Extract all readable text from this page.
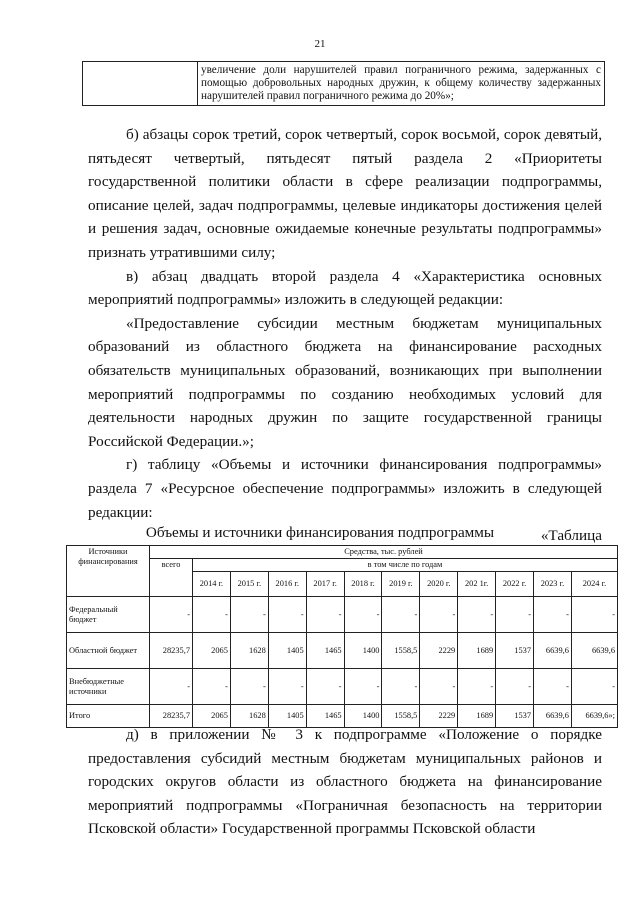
21
	увеличение доли нарушителей правил пограничного режима, задержанных с помощью добровольных народных дружин, к общему количеству задержанных нарушителей правил пограничного режима до 20%»;

б) абзацы сорок третий, сорок четвертый, сорок восьмой, сорок девятый, пятьдесят четвертый, пятьдесят пятый раздела 2 «Приоритеты государственной политики области в сфере реализации подпрограммы, описание целей, задач подпрограммы, целевые индикаторы достижения целей и решения задач, основные ожидаемые конечные результаты подпрограммы» признать утратившими силу;

в) абзац двадцать второй раздела 4 «Характеристика основных мероприятий подпрограммы» изложить в следующей редакции:

«Предоставление субсидии местным бюджетам муниципальных образований из областного бюджета на финансирование расходных обязательств муниципальных образований, возникающих при выполнении мероприятий подпрограммы по созданию необходимых условий для деятельности народных дружин по защите государственной границы Российской Федерации.»;

г) таблицу «Объемы и источники финансирования подпрограммы» раздела 7 «Ресурсное обеспечение подпрограммы» изложить в следующей редакции:

«Таблица

Объемы и источники финансирования подпрограммы
Источники финансирования	Средства, тыс. рублей											
	всего	в том числе по годам										
		2014 г.	2015 г.	2016 г.	2017 г.	2018 г.	2019 г.	2020 г.	202 1г.	2022 г.	2023 г.	2024 г.
Федеральный бюджет	-	-	-	-	-	-	-	-	-	-	-	-
Областной бюджет	28235,7	2065	1628	1405	1465	1400	1558,5	2229	1689	1537	6639,6	6639,6
Внебюджетные источники	-	-	-	-	-	-	-	-	-	-	-	-
Итого	28235,7	2065	1628	1405	1465	1400	1558,5	2229	1689	1537	6639,6	6639,6»;

д) в приложении № 3 к подпрограмме «Положение о порядке предоставления субсидий местным бюджетам муниципальных районов и городских округов области из областного бюджета на финансирование мероприятий подпрограммы «Пограничная безопасность на территории Псковской области» Государственной программы Псковской области
